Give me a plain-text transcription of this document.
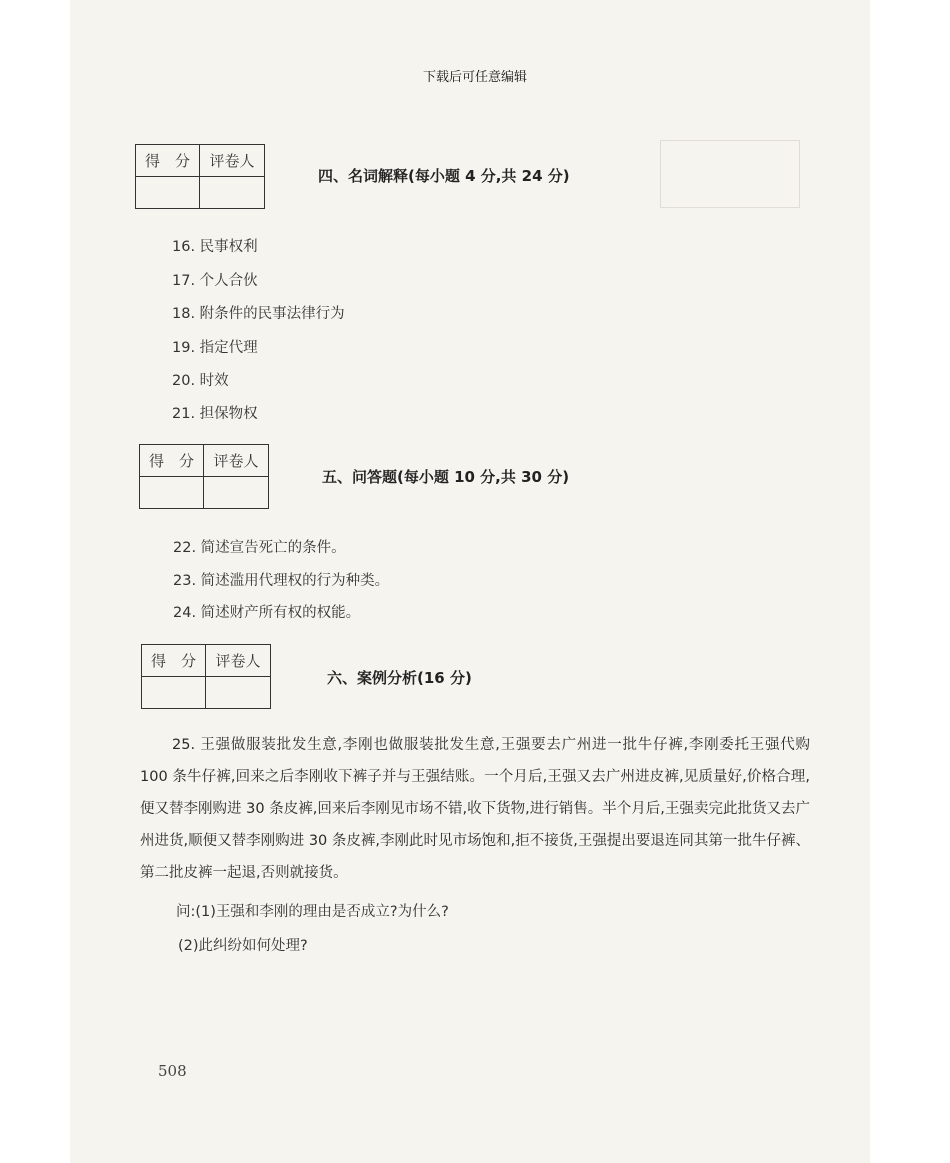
下载后可任意编辑
得　分	评卷人

四、名词解释(每小题 4 分,共 24 分)
16. 民事权利
17. 个人合伙
18. 附条件的民事法律行为
19. 指定代理
20. 时效
21. 担保物权
得　分	评卷人

五、问答题(每小题 10 分,共 30 分)
22. 简述宣告死亡的条件。
23. 简述滥用代理权的行为种类。
24. 简述财产所有权的权能。
得　分	评卷人

六、案例分析(16 分)
25. 王强做服装批发生意,李刚也做服装批发生意,王强要去广州进一批牛仔裤,李刚委托王强代购 100 条牛仔裤,回来之后李刚收下裤子并与王强结账。一个月后,王强又去广州进皮裤,见质量好,价格合理,便又替李刚购进 30 条皮裤,回来后李刚见市场不错,收下货物,进行销售。半个月后,王强卖完此批货又去广州进货,顺便又替李刚购进 30 条皮裤,李刚此时见市场饱和,拒不接货,王强提出要退连同其第一批牛仔裤、第二批皮裤一起退,否则就接货。
问:(1)王强和李刚的理由是否成立?为什么?
(2)此纠纷如何处理?
508
